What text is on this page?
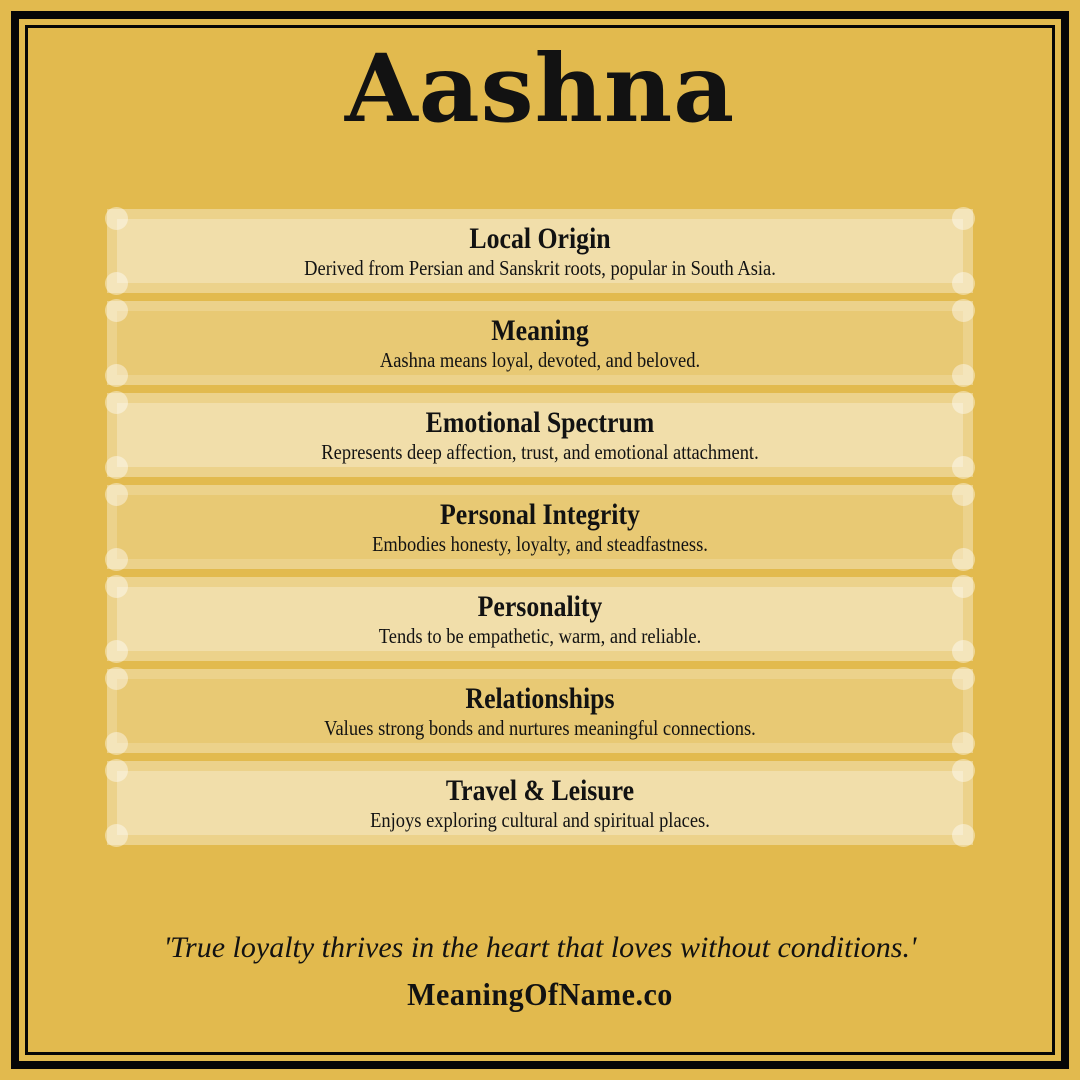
Aashna
Local Origin

Derived from Persian and Sanskrit roots, popular in South Asia.

Meaning

Aashna means loyal, devoted, and beloved.

Emotional Spectrum

Represents deep affection, trust, and emotional attachment.

Personal Integrity

Embodies honesty, loyalty, and steadfastness.

Personality

Tends to be empathetic, warm, and reliable.

Relationships

Values strong bonds and nurtures meaningful connections.

Travel & Leisure

Enjoys exploring cultural and spiritual places.

'True loyalty thrives in the heart that loves without conditions.'

MeaningOfName.co
